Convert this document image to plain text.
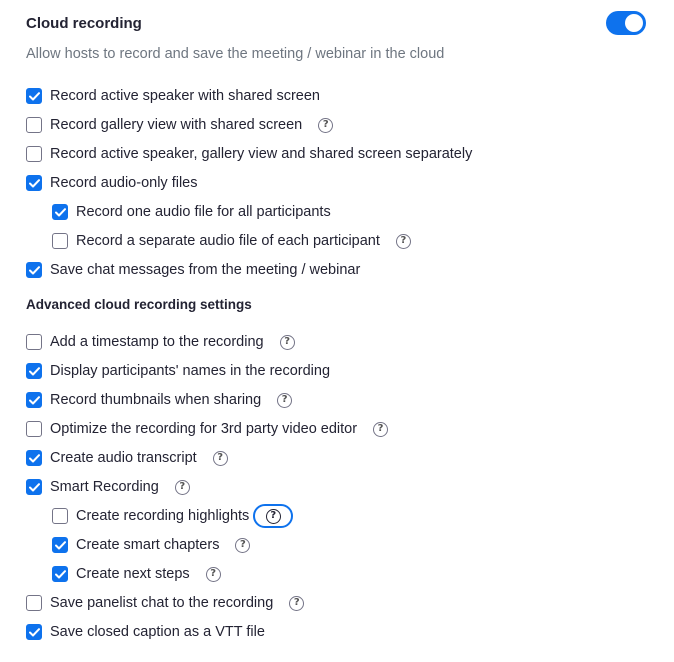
Cloud recording
Allow hosts to record and save the meeting / webinar in the cloud
Record active speaker with shared screen
Record gallery view with shared screen	?
Record active speaker, gallery view and shared screen separately
Record audio-only files
Record one audio file for all participants
Record a separate audio file of each participant	?
Save chat messages from the meeting / webinar
Advanced cloud recording settings
Add a timestamp to the recording	?
Display participants' names in the recording
Record thumbnails when sharing	?
Optimize the recording for 3rd party video editor	?
Create audio transcript	?
Smart Recording	?
Create recording highlights	?
Create smart chapters	?
Create next steps	?
Save panelist chat to the recording	?
Save closed caption as a VTT file
